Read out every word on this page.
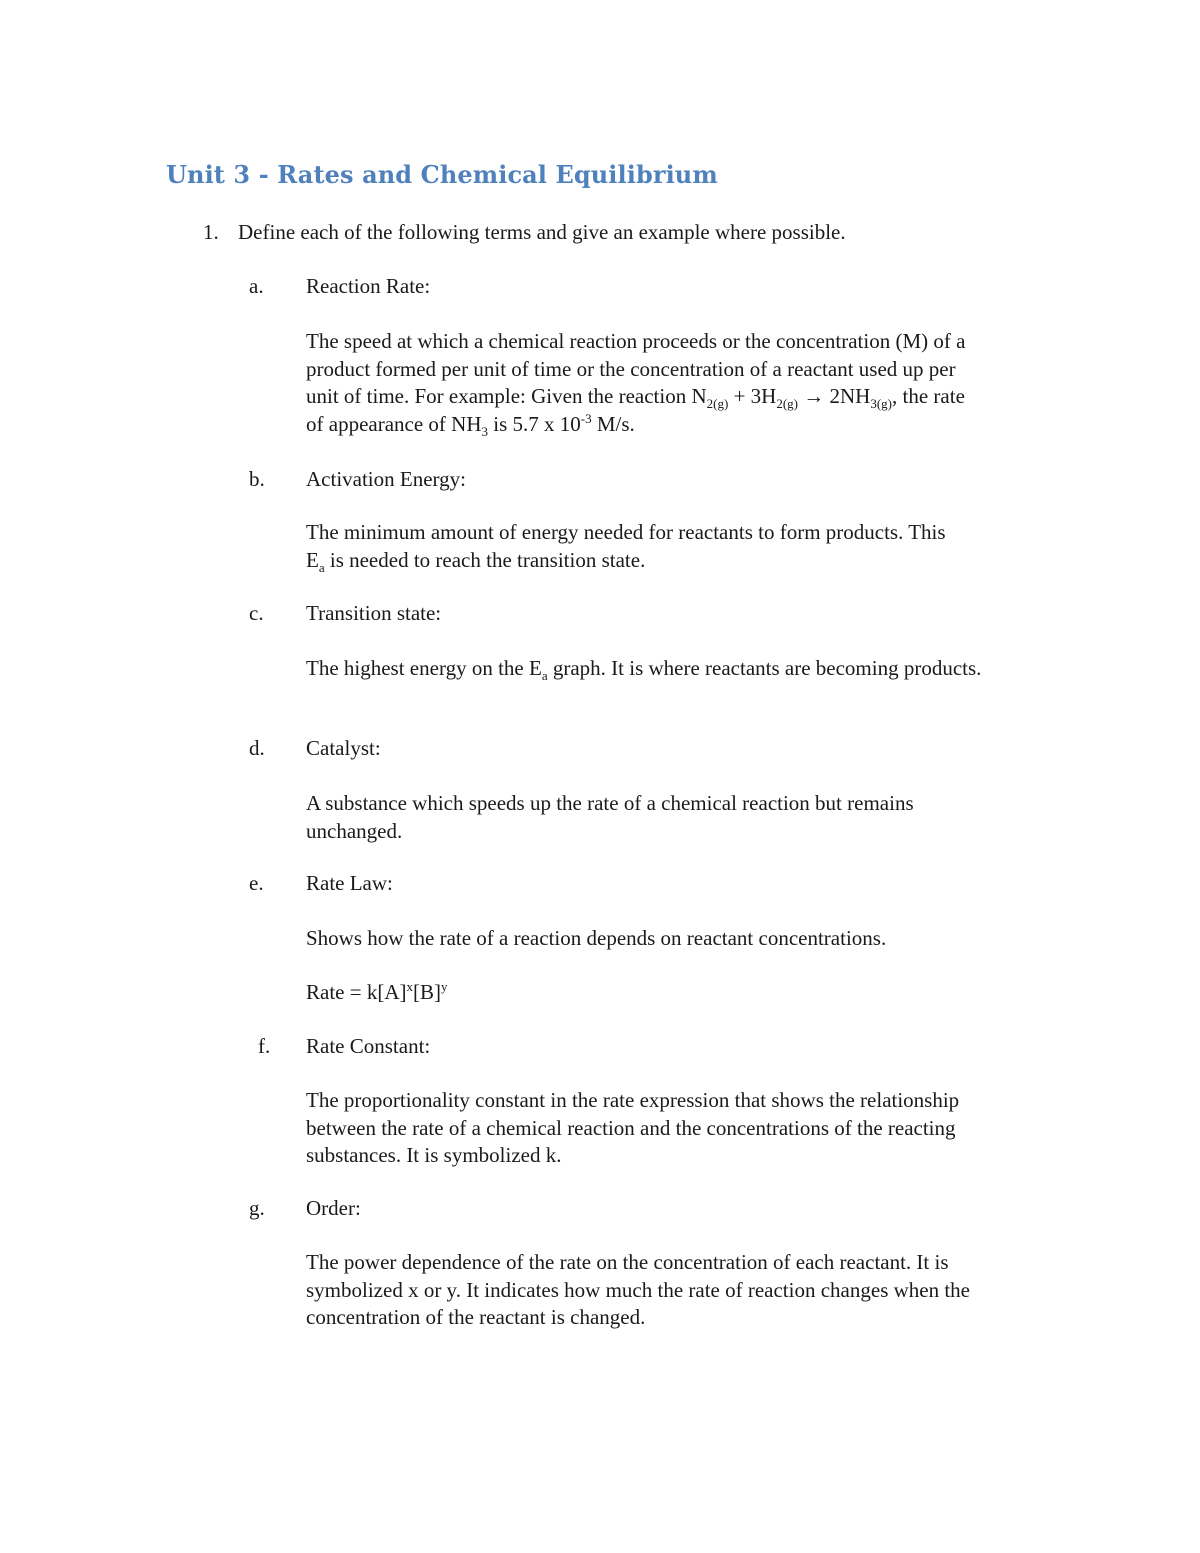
Unit 3 - Rates and Chemical Equilibrium
1. Define each of the following terms and give an example where possible.
a. Reaction Rate:
The speed at which a chemical reaction proceeds or the concentration (M) of a
product formed per unit of time or the concentration of a reactant used up per
unit of time. For example: Given the reaction $N_{2(g)} + 3H_{2(g)} \to 2NH_{3(g)}$, the rate
of appearance of $NH_3$ is 5.7 x $10^{-3}$ M/s.
b. Activation Energy:
The minimum amount of energy needed for reactants to form products. This
$E_a$ is needed to reach the transition state.
c. Transition state:
The highest energy on the $E_a$ graph. It is where reactants are becoming products.
d. Catalyst:
A substance which speeds up the rate of a chemical reaction but remains unchanged.
e. Rate Law:
Shows how the rate of a reaction depends on reactant concentrations.
Rate = $k[A]^x[B]^y$
f. Rate Constant:
The proportionality constant in the rate expression that shows the relationship between the rate of a chemical reaction and the concentrations of the reacting substances. It is symbolized k.
g. Order:
The power dependence of the rate on the concentration of each reactant. It is symbolized x or y. It indicates how much the rate of reaction changes when the concentration of the reactant is changed.
